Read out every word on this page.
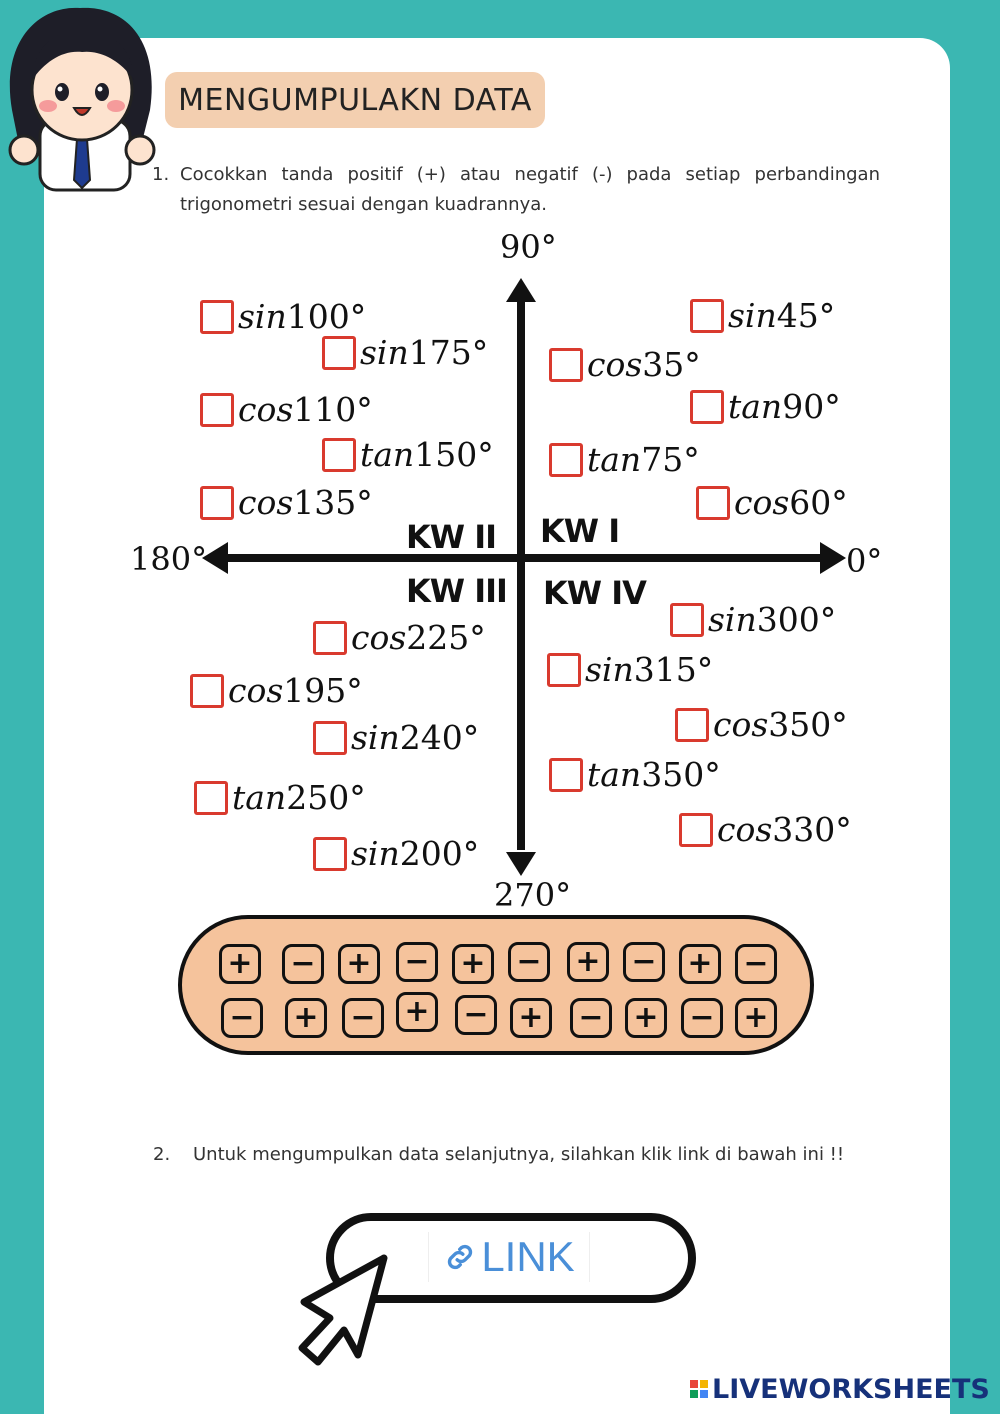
MENGUMPULAKN DATA
1. Cocokkan tanda positif (+) atau negatif (-) pada setiap perbandingan trigonometri sesuai dengan kuadrannya.
90°
180°	0°
270°
KW II KW I
KW III KW IV
sin100°
sin175°
cos110°
tan150°
cos135°
sin45°
cos35°
tan90°
tan75°
cos60°
cos225°
cos195°
sin240°
tan250°
sin200°
sin300°
sin315°
cos350°
tan350°
cos330°
+ − + − + − + − + −
− + − + − + − + − +
2. Untuk mengumpulkan data selanjutnya, silahkan klik link di bawah ini !!
LINK
LIVEWORKSHEETS
